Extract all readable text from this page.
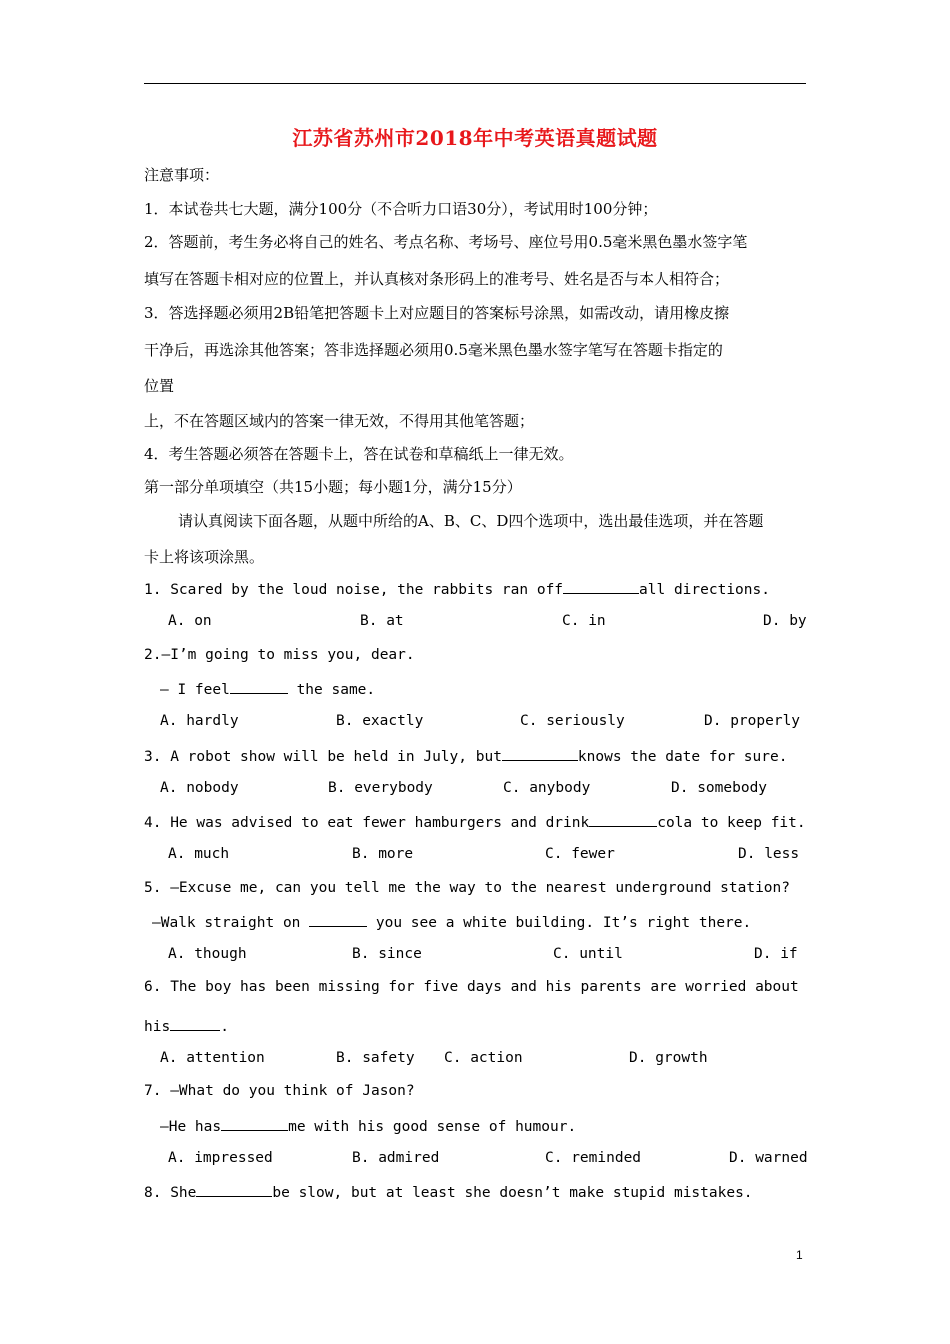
江苏省苏州市2018年中考英语真题试题
注意事项：
1．本试卷共七大题，满分100分（不合听力口语30分），考试用时100分钟；
2．答题前，考生务必将自己的姓名、考点名称、考场号、座位号用0.5毫米黑色墨水签字笔
填写在答题卡相对应的位置上，并认真核对条形码上的准考号、姓名是否与本人相符合；
3．答选择题必须用2B铅笔把答题卡上对应题目的答案标号涂黑，如需改动，请用橡皮擦
干净后，再选涂其他答案；答非选择题必须用0.5毫米黑色墨水签字笔写在答题卡指定的
位置
上，不在答题区域内的答案一律无效，不得用其他笔答题；
4．考生答题必须答在答题卡上，答在试卷和草稿纸上一律无效。
第一部分单项填空（共15小题；每小题1分，满分15分）
请认真阅读下面各题，从题中所给的A、B、C、D四个选项中，选出最佳选项，并在答题
卡上将该项涂黑。
1. Scared by the loud noise, the rabbits ran off	all directions.
A. on	B. at	C. in	D. by
2.—I’m going to miss you, dear.
— I feel	the same.
A. hardly	B. exactly	C. seriously	D. properly
3. A robot show will be held in July, but	knows the date for sure.
A. nobody	B. everybody	C. anybody	D. somebody
4. He was advised to eat fewer hamburgers and drink	cola to keep fit.
A. much	B. more	C. fewer	D. less
5. —Excuse me, can you tell me the way to the nearest underground station?
—Walk straight on	you see a white building. It’s right there.
A. though	B. since	C. until	D. if
6. The boy has been missing for five days and his parents are worried about
his	.
A. attention	B. safety C. action	D. growth
7. —What do you think of Jason?
—He has	me with his good sense of humour.
A. impressed	B. admired	C. reminded	D. warned
8. She	be slow, but at least she doesn’t make stupid mistakes.
1
